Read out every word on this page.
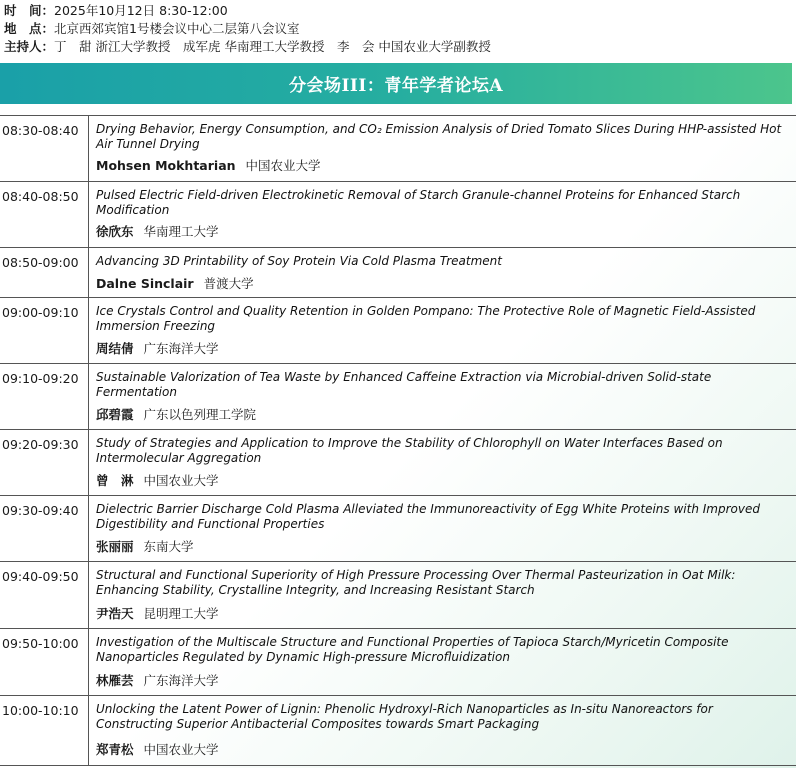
时　间：2025年10月12日 8:30-12:00
地　点：北京西郊宾馆1号楼会议中心二层第八会议室
主持人：丁　甜 浙江大学教授　成军虎 华南理工大学教授　李　会 中国农业大学副教授
分会场III：青年学者论坛A
08:30-08:40 Drying Behavior, Energy Consumption, and CO₂ Emission Analysis of Dried Tomato Slices During HHP-assisted Hot Air Tunnel Drying
Mohsen Mokhtarian 中国农业大学
08:40-08:50 Pulsed Electric Field-driven Electrokinetic Removal of Starch Granule-channel Proteins for Enhanced Starch Modification
徐欣东 华南理工大学
08:50-09:00 Advancing 3D Printability of Soy Protein Via Cold Plasma Treatment
Dalne Sinclair 普渡大学
09:00-09:10 Ice Crystals Control and Quality Retention in Golden Pompano: The Protective Role of Magnetic Field-Assisted Immersion Freezing
周结倩 广东海洋大学
09:10-09:20 Sustainable Valorization of Tea Waste by Enhanced Caffeine Extraction via Microbial-driven Solid-state Fermentation
邱碧霞 广东以色列理工学院
09:20-09:30 Study of Strategies and Application to Improve the Stability of Chlorophyll on Water Interfaces Based on Intermolecular Aggregation
曾　淋 中国农业大学
09:30-09:40 Dielectric Barrier Discharge Cold Plasma Alleviated the Immunoreactivity of Egg White Proteins with Improved Digestibility and Functional Properties
张丽丽 东南大学
09:40-09:50 Structural and Functional Superiority of High Pressure Processing Over Thermal Pasteurization in Oat Milk: Enhancing Stability, Crystalline Integrity, and Increasing Resistant Starch
尹浩天 昆明理工大学
09:50-10:00 Investigation of the Multiscale Structure and Functional Properties of Tapioca Starch/Myricetin Composite Nanoparticles Regulated by Dynamic High-pressure Microfluidization
林雁芸 广东海洋大学
10:00-10:10 Unlocking the Latent Power of Lignin: Phenolic Hydroxyl-Rich Nanoparticles as In-situ Nanoreactors for Constructing Superior Antibacterial Composites towards Smart Packaging
郑青松 中国农业大学
